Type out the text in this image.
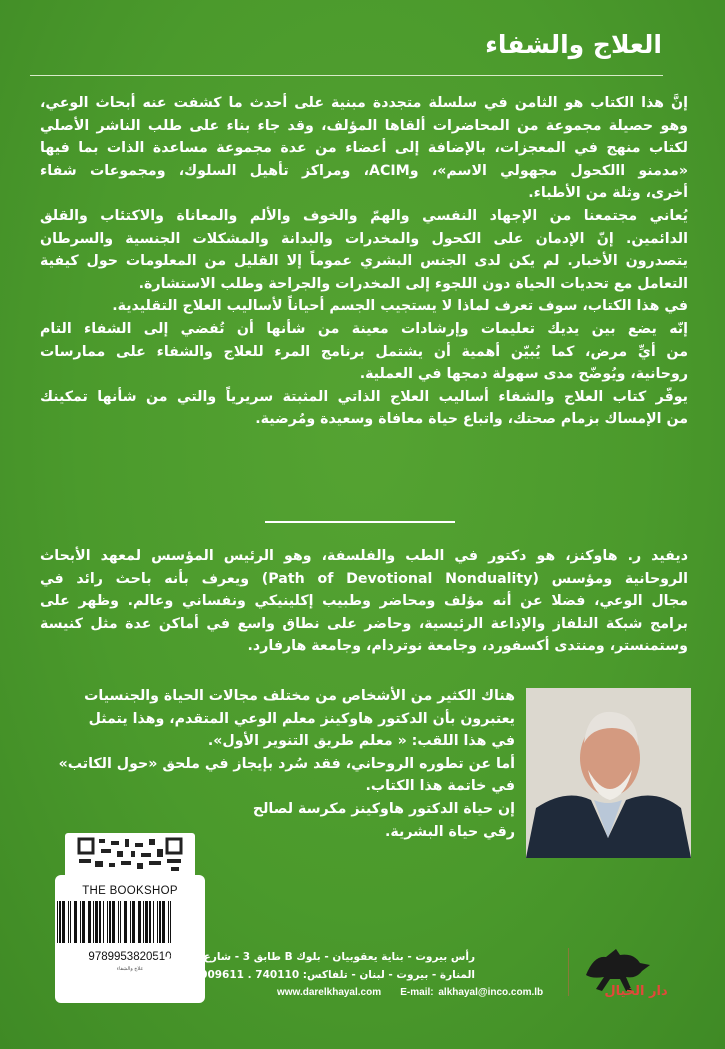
العلاج والشفاء
إنَّ هذا الكتاب هو الثامن في سلسلة متجددة مبنية على أحدث ما كشفت عنه أبحاث الوعي،
وهو حصيلة مجموعة من المحاضرات ألقاها المؤلف، وقد جاء بناء على طلب الناشر الأصلي
لكتاب منهج في المعجزات، بالإضافة إلى أعضاء من عدة مجموعة مساعدة الذات بما فيها
«مدمنو االكحول مجهولي الاسم»، وACIM، ومراكز تأهيل السلوك، ومجموعات شفاء
أخرى، وثلة من الأطباء.
يُعاني مجتمعنا من الإجهاد النفسي والهمّ والخوف والألم والمعاناة والاكتئاب والقلق
الدائمين. إنّ الإدمان على الكحول والمخدرات والبدانة والمشكلات الجنسية والسرطان
يتصدرون الأخبار. لم يكن لدى الجنس البشري عموماً إلا القليل من المعلومات حول كيفية
التعامل مع تحديات الحياة دون اللجوء إلى المخدرات والجراحة وطلب الاستشارة.
في هذا الكتاب، سوف تعرف لماذا لا يستجيب الجسم أحياناً لأساليب العلاج التقليدية.
إنّه يضع بين يديك تعليمات وإرشادات معينة من شأنها أن تُفضي إلى الشفاء التام
من أيِّ مرض، كما يُبيّن أهمية أن يشتمل برنامج المرء للعلاج والشفاء على ممارسات
روحانية، ويُوضّح مدى سهولة دمجها في العملية.
يوفّر كتاب العلاج والشفاء أساليب العلاج الذاتي المثبتة سريرياً والتي من شأنها تمكينك
من الإمساك بزمام صحتك، واتباع حياة معافاة وسعيدة ومُرضية.
ديفيد ر. هاوكنز، هو دكتور في الطب والفلسفة، وهو الرئيس المؤسس لمعهد الأبحاث
الروحانية ومؤسس (Path of Devotional Nonduality) ويعرف بأنه باحث رائد في
مجال الوعي، فضلا عن أنه مؤلف ومحاضر وطبيب إكلينيكي ونفساني وعالم. وظهر على
برامج شبكة التلفاز والإذاعة الرئيسية، وحاضر على نطاق واسع في أماكن عدة مثل كنيسة
وستمنستر، ومنتدى أكسفورد، وجامعة نوتردام، وجامعة هارفارد.
هناك الكثير من الأشخاص من مختلف مجالات الحياة والجنسيات
يعتبرون بأن الدكتور هاوكينز معلم الوعي المتقدم، وهذا يتمثل
في هذا اللقب: « معلم طريق التنوير الأول».
أما عن تطوره الروحاني، فقد سُرد بإيجاز في ملحق «حول الكاتب»
في خاتمة هذا الكتاب.
إن حياة الدكتور هاوكينز مكرسة لصالح
رقي حياة البشرية.
THE BOOKSHOP
9789953820510
علاج والشفاء
رأس بيروت - بناية يعقوبيان - بلوك B طابق 3 - شارع الكويت -
المنارة - بيروت - لبنان - تلفاكس: 740110 . 009611
www.darelkhayal.com E-mail: alkhayal@inco.com.lb	دار الخيال
